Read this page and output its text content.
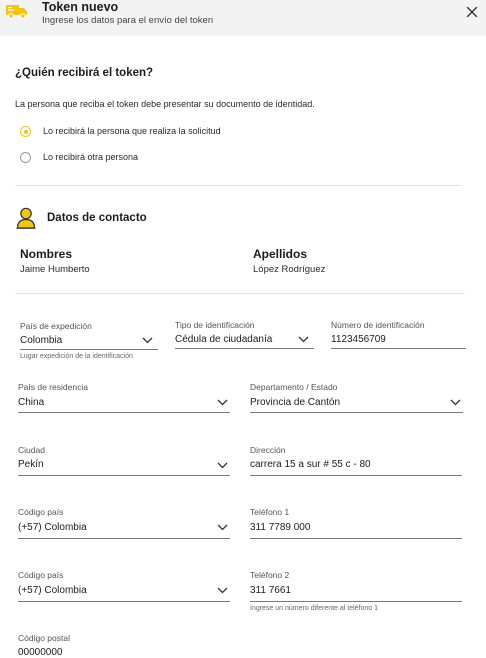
Token nuevo
Ingrese los datos para el envío del token
¿Quién recibirá el token?
La persona que reciba el token debe presentar su documento de identidad.
Lo recibirá la persona que realiza la solicitud
Lo recibirá otra persona
Datos de contacto
Nombres
Jaime Humberto
Apellidos
López Rodríguez
País de expedición
Colombia
Lugar expedición de la identificación
Tipo de identificación
Cédula de ciudadanía
Número de identificación
1123456709
País de residencia
China
Departamento / Estado
Provincia de Cantón
Ciudad
Pekín
Dirección
carrera 15 a sur # 55 c - 80
Código país
(+57) Colombia
Teléfono 1
311 7789 000
Código país
(+57) Colombia
Teléfono 2
311 7661
Ingrese un número diferente al teléfono 1
Código postal
00000000
